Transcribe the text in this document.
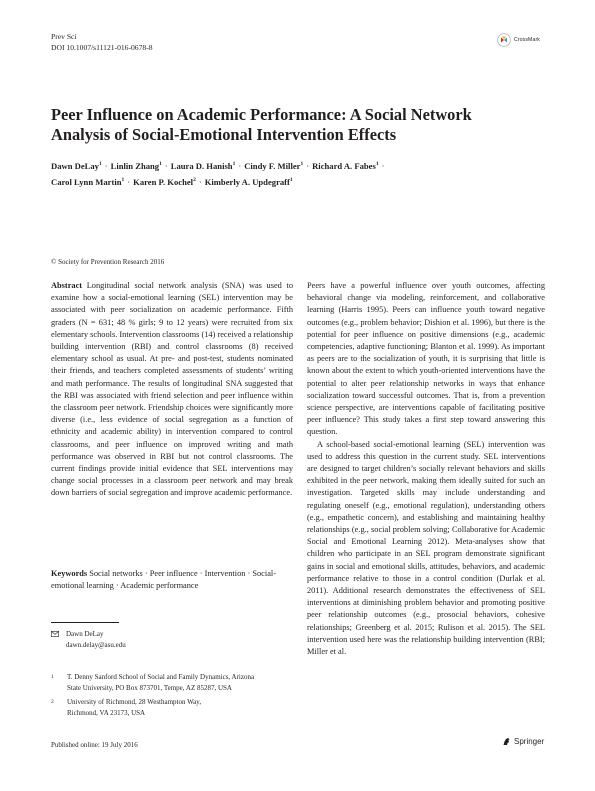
Prev Sci
DOI 10.1007/s11121-016-0678-8
CrossMark
Peer Influence on Academic Performance: A Social Network
Analysis of Social-Emotional Intervention Effects
Dawn DeLay$^1$ · Linlin Zhang$^1$ · Laura D. Hanish$^1$ · Cindy F. Miller$^1$ · Richard A. Fabes$^1$ ·
Carol Lynn Martin$^1$ · Karen P. Kochel$^2$ · Kimberly A. Updegraff$^1$
© Society for Prevention Research 2016

Abstract Longitudinal social network analysis (SNA) was used to examine how a social-emotional learning (SEL) intervention may be associated with peer socialization on academic performance. Fifth graders (N = 631; 48 % girls; 9 to 12 years) were recruited from six elementary schools. Intervention classrooms (14) received a relationship building intervention (RBI) and control classrooms (8) received elementary school as usual. At pre- and post-test, students nominated their friends, and teachers completed assessments of students’ writing and math performance. The results of longitudinal SNA suggested that the RBI was associated with friend selection and peer influence within the classroom peer network. Friendship choices were significantly more diverse (i.e., less evidence of social segregation as a function of ethnicity and academic ability) in intervention compared to control classrooms, and peer influence on improved writing and math performance was observed in RBI but not control classrooms. The current findings provide initial evidence that SEL interventions may change social processes in a classroom peer network and may break down barriers of social segregation and improve academic performance.

Keywords Social networks · Peer influence · Intervention · Social-emotional learning · Academic performance
Dawn DeLay
dawn.delay@asu.edu
1 T. Denny Sanford School of Social and Family Dynamics, Arizona
State University, PO Box 873701, Tempe, AZ 85287, USA
2 University of Richmond, 28 Westhampton Way,
Richmond, VA 23173, USA

Peers have a powerful influence over youth outcomes, affecting behavioral change via modeling, reinforcement, and collaborative learning (Harris 1995). Peers can influence youth toward negative outcomes (e.g., problem behavior; Dishion et al. 1996), but there is the potential for peer influence on positive dimensions (e.g., academic competencies, adaptive functioning; Blanton et al. 1999). As important as peers are to the socialization of youth, it is surprising that little is known about the extent to which youth-oriented interventions have the potential to alter peer relationship networks in ways that enhance socialization toward successful outcomes. That is, from a prevention science perspective, are interventions capable of facilitating positive peer influence? This study takes a first step toward answering this question.

A school-based social-emotional learning (SEL) intervention was used to address this question in the current study. SEL interventions are designed to target children’s socially relevant behaviors and skills exhibited in the peer network, making them ideally suited for such an investigation. Targeted skills may include understanding and regulating oneself (e.g., emotional regulation), understanding others (e.g., empathetic concern), and establishing and maintaining healthy relationships (e.g., social problem solving; Collaborative for Academic Social and Emotional Learning 2012). Meta-analyses show that children who participate in an SEL program demonstrate significant gains in social and emotional skills, attitudes, behaviors, and academic performance relative to those in a control condition (Durlak et al. 2011). Additional research demonstrates the effectiveness of SEL interventions at diminishing problem behavior and promoting positive peer relationship outcomes (e.g., prosocial behaviors, cohesive relationships; Greenberg et al. 2015; Rulison et al. 2015). The SEL intervention used here was the relationship building intervention (RBI; Miller et al.

Published online: 19 July 2016	Springer
